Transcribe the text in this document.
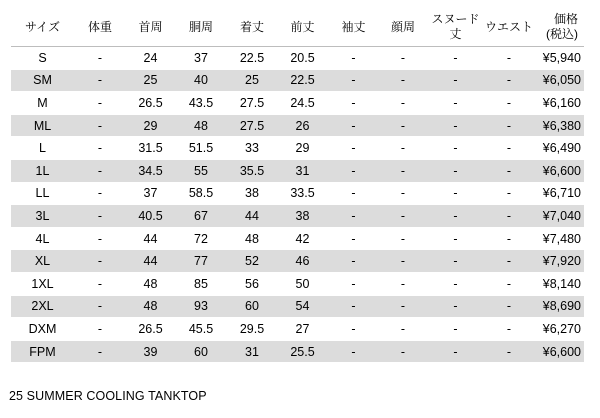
サイズ	体重	首周	胴周	着丈	前丈	袖丈	顔周	スヌード丈	ウエスト	価格
(税込)
S	-	24	37	22.5	20.5	-	-	-	-	¥5,940
SM	-	25	40	25	22.5	-	-	-	-	¥6,050
M	-	26.5	43.5	27.5	24.5	-	-	-	-	¥6,160
ML	-	29	48	27.5	26	-	-	-	-	¥6,380
L	-	31.5	51.5	33	29	-	-	-	-	¥6,490
1L	-	34.5	55	35.5	31	-	-	-	-	¥6,600
LL	-	37	58.5	38	33.5	-	-	-	-	¥6,710
3L	-	40.5	67	44	38	-	-	-	-	¥7,040
4L	-	44	72	48	42	-	-	-	-	¥7,480
XL	-	44	77	52	46	-	-	-	-	¥7,920
1XL	-	48	85	56	50	-	-	-	-	¥8,140
2XL	-	48	93	60	54	-	-	-	-	¥8,690
DXM	-	26.5	45.5	29.5	27	-	-	-	-	¥6,270
FPM	-	39	60	31	25.5	-	-	-	-	¥6,600
25 SUMMER COOLING TANKTOP
